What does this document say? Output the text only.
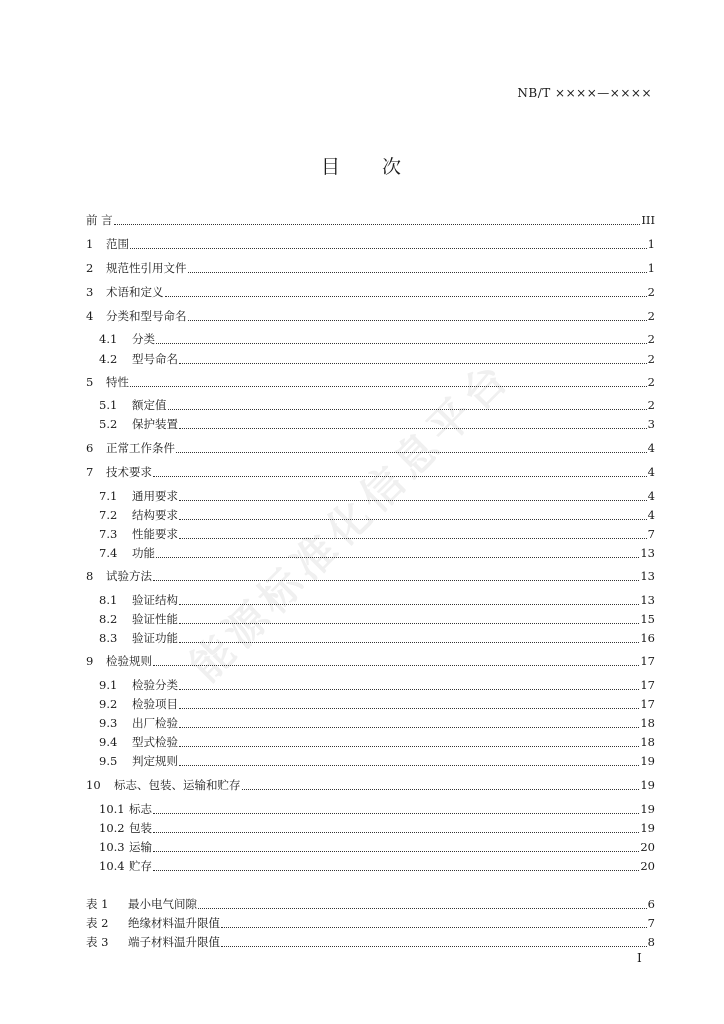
NB/T ××××—××××
目 次
能源标准化信息平台
前 言	III
1	范围	1
2	规范性引用文件	1
3	术语和定义	2
4	分类和型号命名	2
4.1	分类	2
4.2	型号命名	2
5	特性	2
5.1	额定值	2
5.2	保护装置	3
6	正常工作条件	4
7	技术要求	4
7.1	通用要求	4
7.2	结构要求	4
7.3	性能要求	7
7.4	功能	13
8	试验方法	13
8.1	验证结构	13
8.2	验证性能	15
8.3	验证功能	16
9	检验规则	17
9.1	检验分类	17
9.2	检验项目	17
9.3	出厂检验	18
9.4	型式检验	18
9.5	判定规则	19
10	标志、包装、运输和贮存	19
10.1 标志	19
10.2 包装	19
10.3 运输	20
10.4 贮存	20
表 1	最小电气间隙	6
表 2	绝缘材料温升限值	7
表 3	端子材料温升限值	8
I
